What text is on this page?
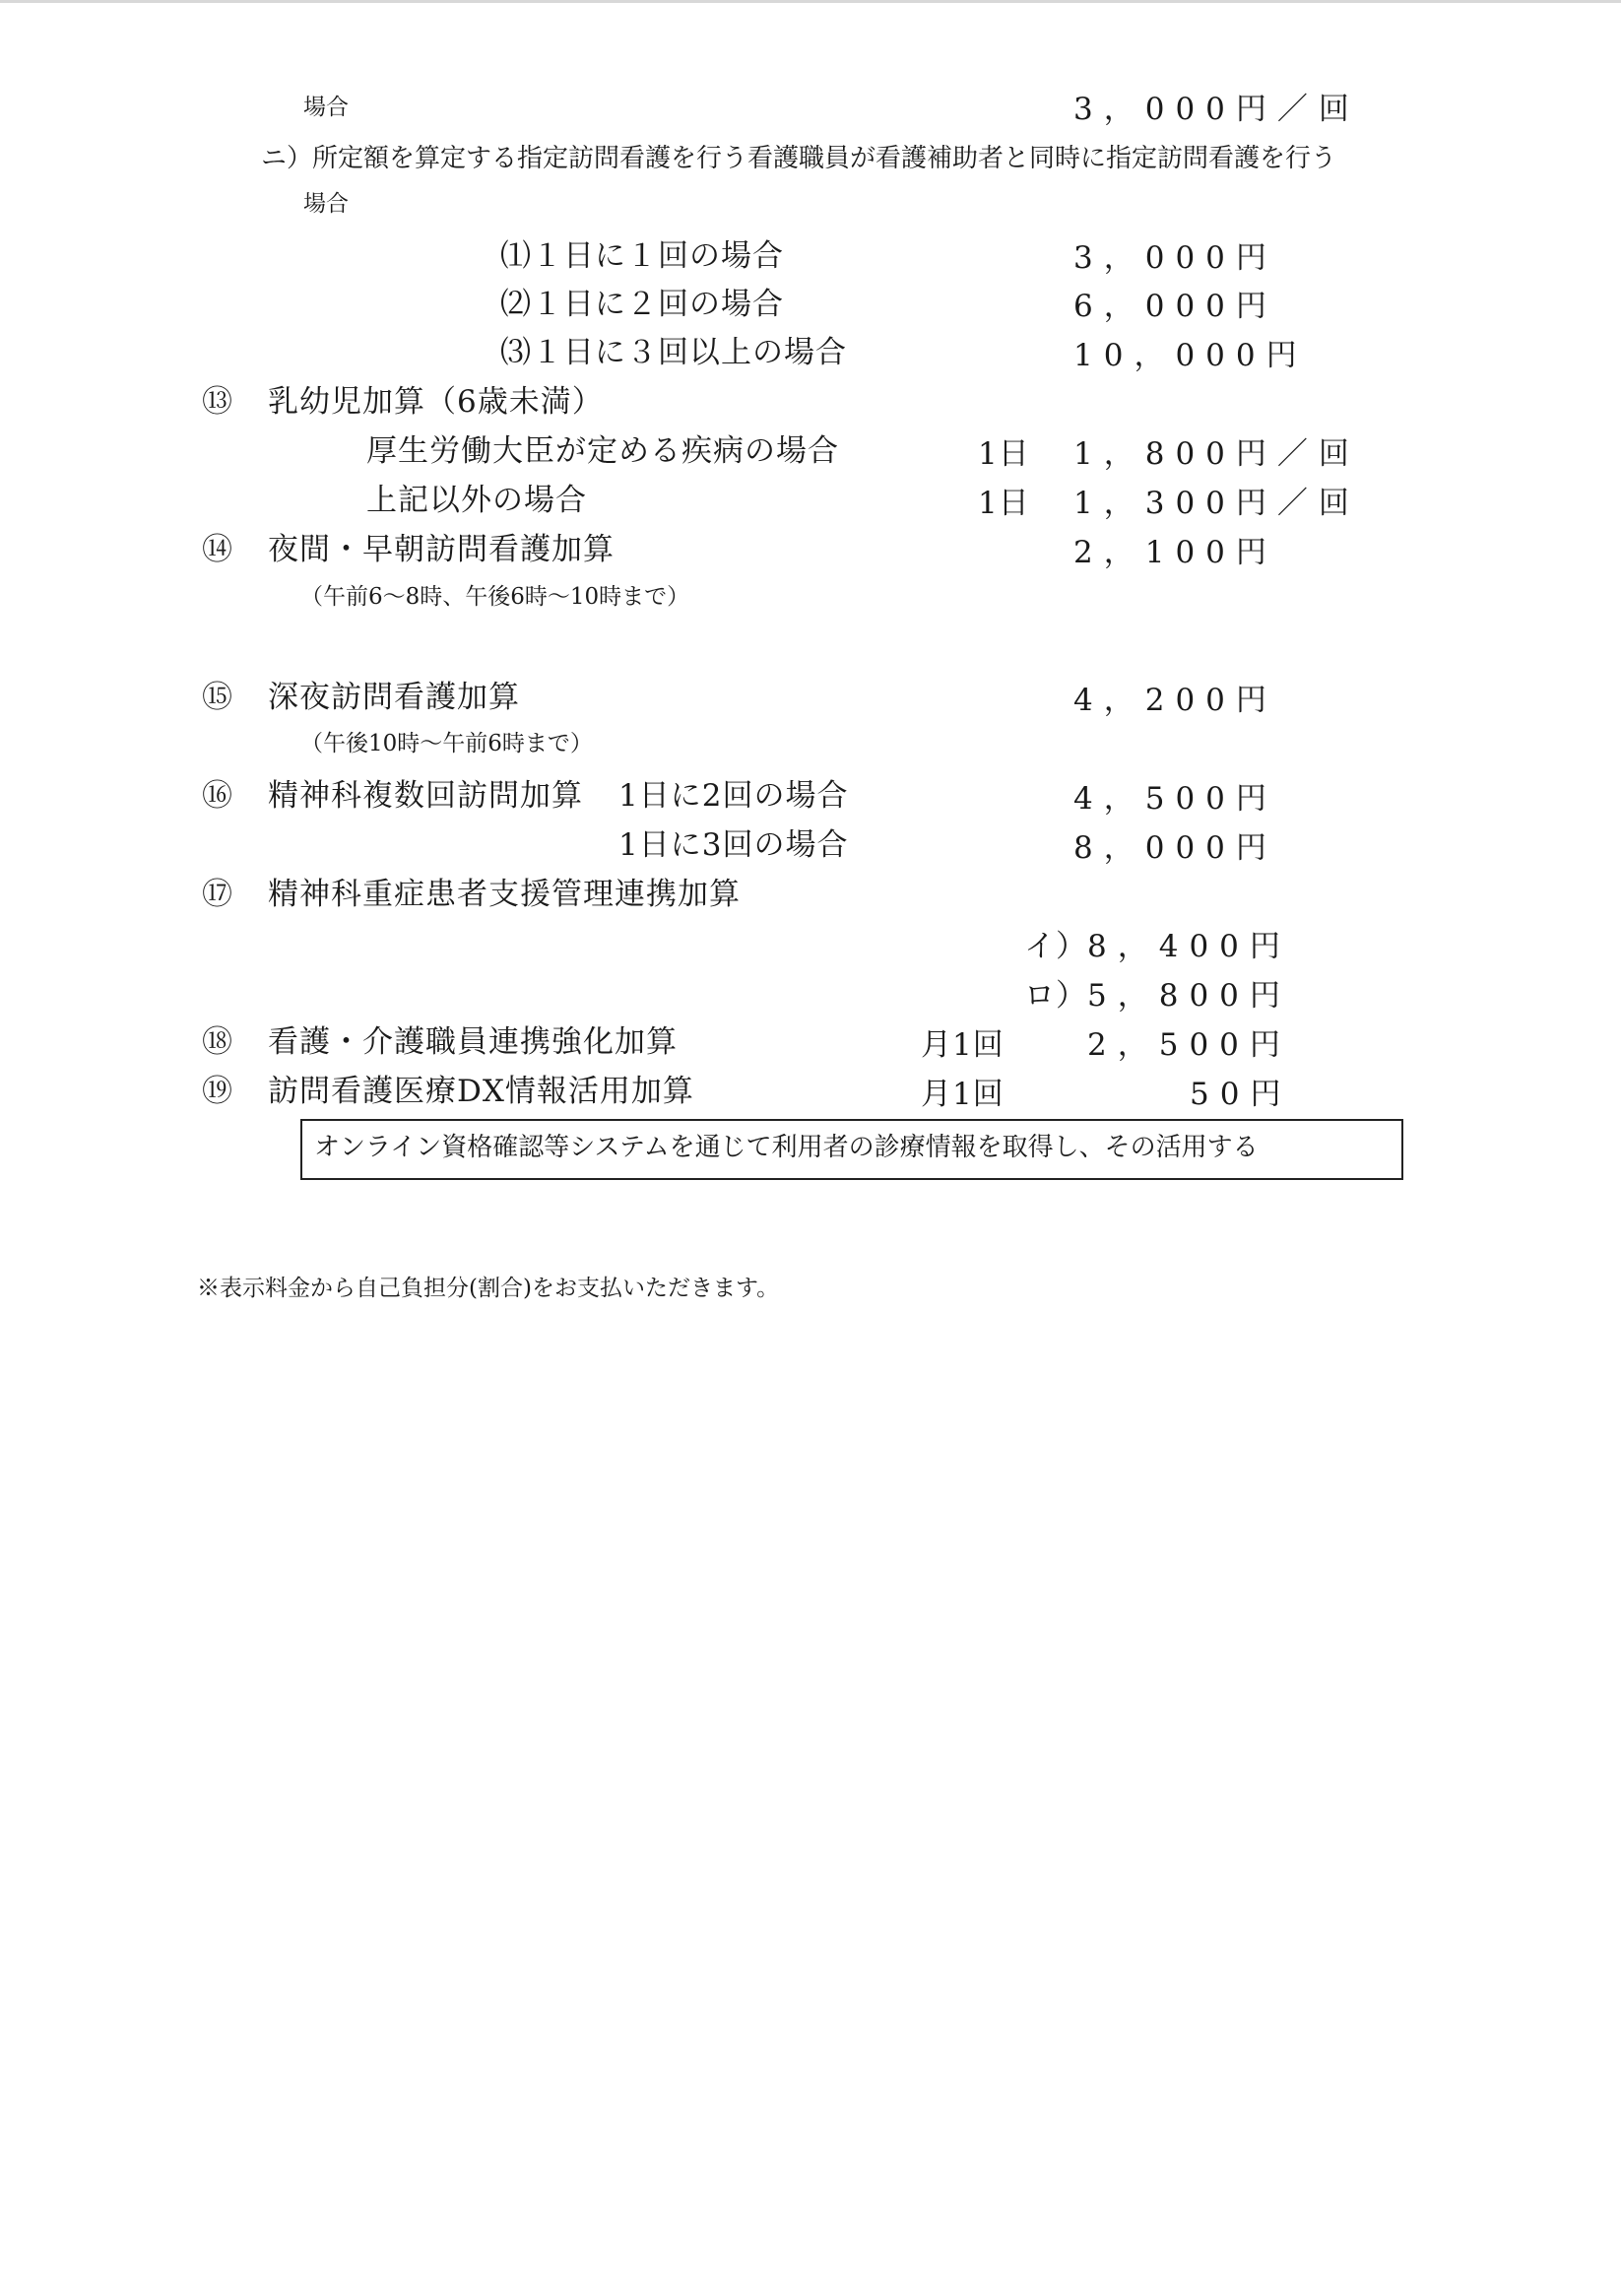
場合	3，000円／回
ニ）所定額を算定する指定訪問看護を行う看護職員が看護補助者と同時に指定訪問看護を行う
場合
⑴１日に１回の場合	3，000円
⑵１日に２回の場合	6，000円
⑶１日に３回以上の場合	10，000円
⑬ 乳幼児加算（6歳未満）
厚生労働大臣が定める疾病の場合	1日 1，800円／回
上記以外の場合	1日 1，300円／回
⑭ 夜間・早朝訪問看護加算	2，100円
（午前6～8時、午後6時～10時まで）
⑮ 深夜訪問看護加算	4，200円
（午後10時～午前6時まで）
⑯ 精神科複数回訪問加算 1日に2回の場合	4，500円
1日に3回の場合	8，000円
⑰ 精神科重症患者支援管理連携加算
イ） 8，400円
ロ） 5，800円
⑱ 看護・介護職員連携強化加算	月1回	2，500円
⑲ 訪問看護医療DX情報活用加算	月1回	50円
オンライン資格確認等システムを通じて利用者の診療情報を取得し、その活用する
※表示料金から自己負担分(割合)をお支払いただきます。
